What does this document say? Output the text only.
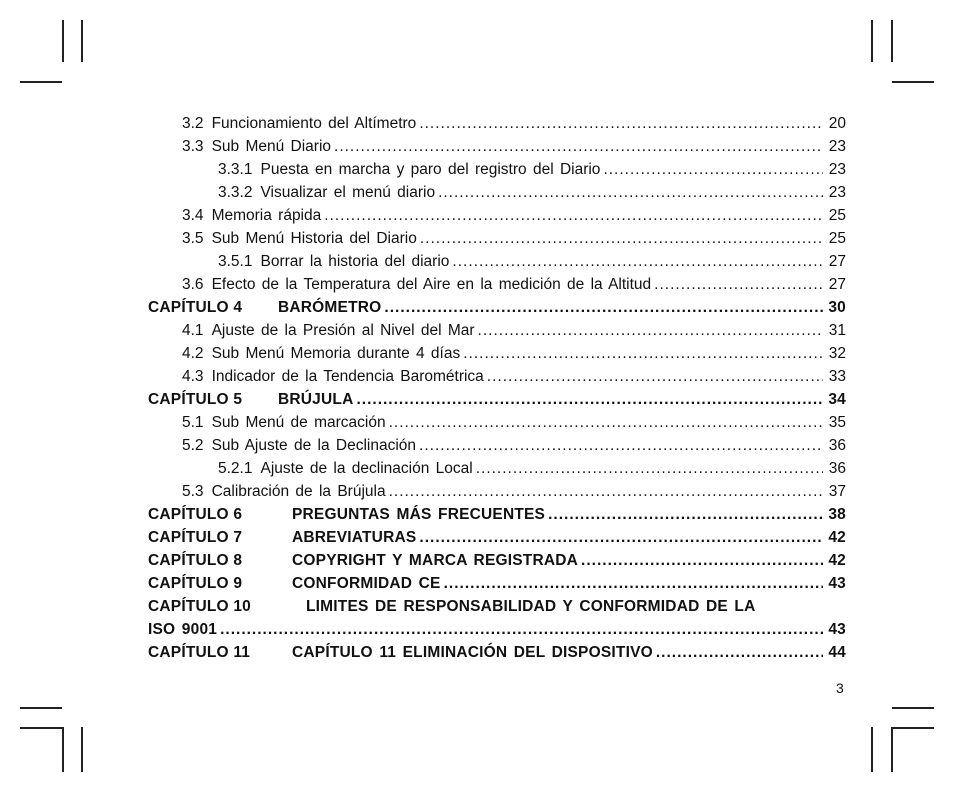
3.2 Funcionamiento del Altímetro .....	20
3.3 Sub Menú Diario .....	23
3.3.1 Puesta en marcha y paro del registro del Diario .....	23
3.3.2 Visualizar el menú diario .....	23
3.4 Memoria rápida .....	25
3.5 Sub Menú Historia del Diario .....	25
3.5.1 Borrar la historia del diario .....	27
3.6 Efecto de la Temperatura del Aire en la medición de la Altitud .....	27
CAPÍTULO 4	BARÓMETRO .....	30
4.1 Ajuste de la Presión al Nivel del Mar .....	31
4.2 Sub Menú Memoria durante 4 días .....	32
4.3 Indicador de la Tendencia Barométrica .....	33
CAPÍTULO 5	BRÚJULA .....	34
5.1 Sub Menú de marcación .....	35
5.2 Sub Ajuste de la Declinación .....	36
5.2.1 Ajuste de la declinación Local .....	36
5.3 Calibración de la Brújula .....	37
CAPÍTULO 6	PREGUNTAS MÁS FRECUENTES .....	38
CAPÍTULO 7	ABREVIATURAS .....	42
CAPÍTULO 8	COPYRIGHT Y MARCA REGISTRADA .....	42
CAPÍTULO 9	CONFORMIDAD CE .....	43
CAPÍTULO 10	LIMITES DE RESPONSABILIDAD Y CONFORMIDAD DE LA
ISO 9001 .....	43
CAPÍTULO 11	CAPÍTULO 11 ELIMINACIÓN DEL DISPOSITIVO .....	44
3
